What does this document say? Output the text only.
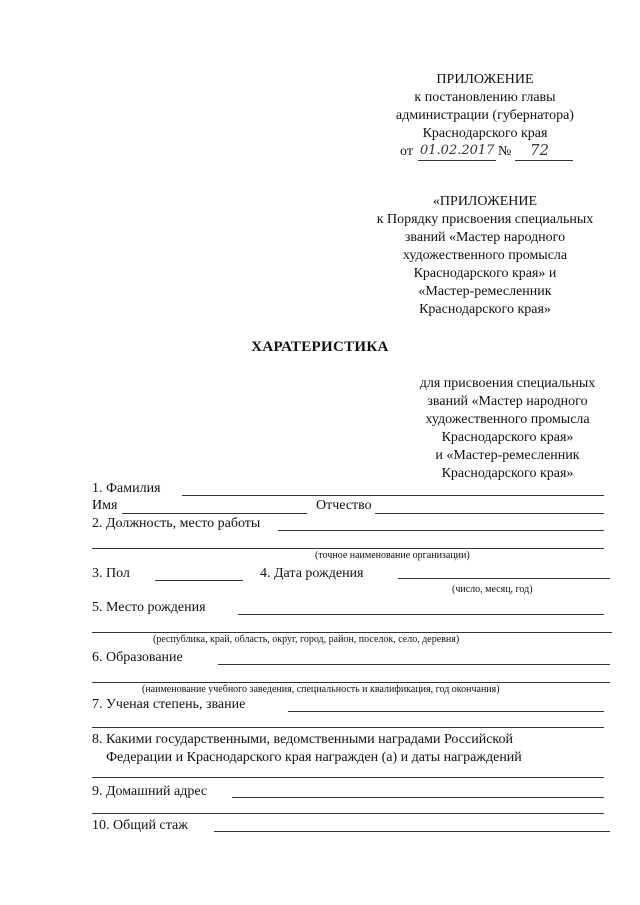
ПРИЛОЖЕНИЕ
к постановлению главы
администрации (губернатора)
Краснодарского края
от 01.02.2017 № 72
«ПРИЛОЖЕНИЕ
к Порядку присвоения специальных
званий «Мастер народного
художественного промысла
Краснодарского края» и
«Мастер-ремесленник
Краснодарского края»
ХАРАТЕРИСТИКА
для присвоения специальных
званий «Мастер народного
художественного промысла
Краснодарского края»
и «Мастер-ремесленник
Краснодарского края»
1. Фамилия
Имя	Отчество
2. Должность, место работы
(точное наименование организации)
3. Пол	4. Дата рождения
(число, месяц, год)
5. Место рождения
(республика, край, область, округ, город, район, поселок, село, деревня)
6. Образование
(наименование учебного заведения, специальность и квалификация, год окончания)
7. Ученая степень, звание
8. Какими государственными, ведомственными наградами Российской
Федерации и Краснодарского края награжден (а) и даты награждений
9. Домашний адрес
10. Общий стаж
